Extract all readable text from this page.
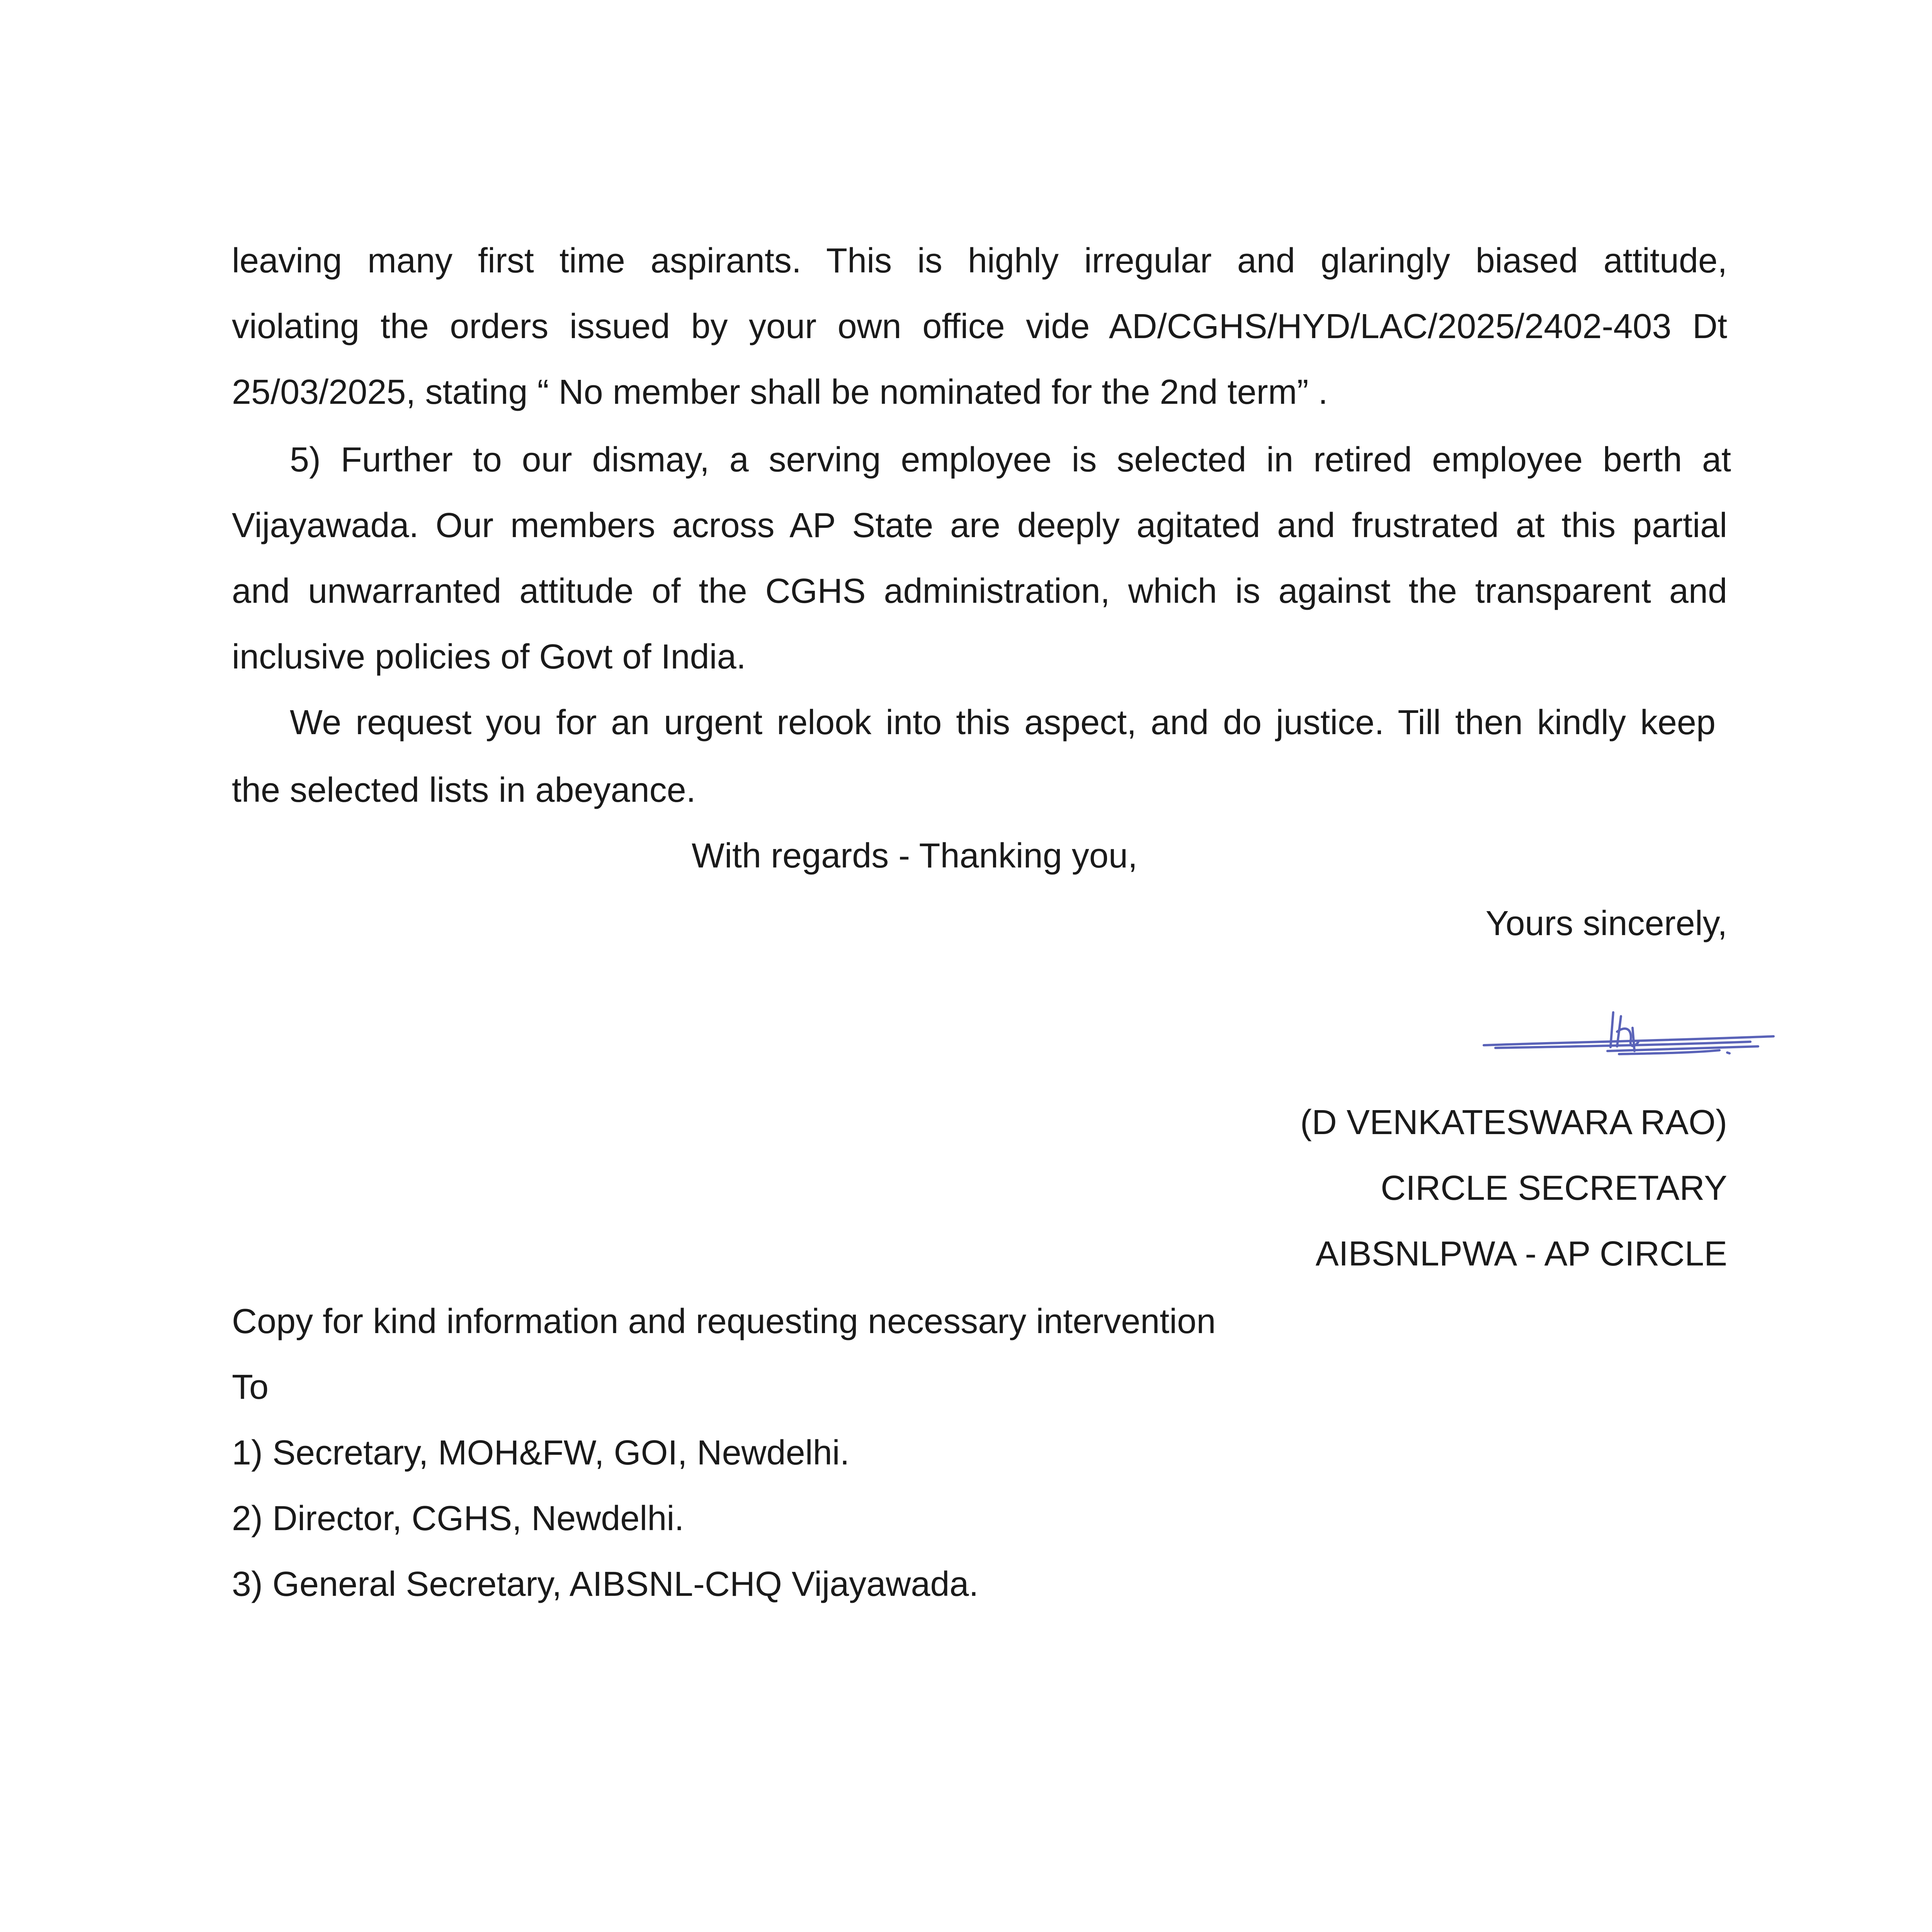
leaving many first time aspirants. This is highly irregular and glaringly biased attitude,
violating the orders issued by your own office vide AD/CGHS/HYD/LAC/2025/2402-403 Dt
25/03/2025, stating “ No member shall be nominated for the 2nd term” .
5) Further to our dismay, a serving employee is selected in retired employee berth at
Vijayawada. Our members across AP State are deeply agitated and frustrated at this partial
and unwarranted attitude of the CGHS administration, which is against the transparent and
inclusive policies of Govt of India.
We request you for an urgent relook into this aspect, and do justice. Till then kindly keep
the selected lists in abeyance.
With regards - Thanking you,
Yours sincerely,
(D VENKATESWARA RAO)
CIRCLE SECRETARY
AIBSNLPWA - AP CIRCLE
Copy for kind information and requesting necessary intervention
To
1) Secretary, MOH&FW, GOI, Newdelhi.
2) Director, CGHS, Newdelhi.
3) General Secretary, AIBSNL-CHQ Vijayawada.
